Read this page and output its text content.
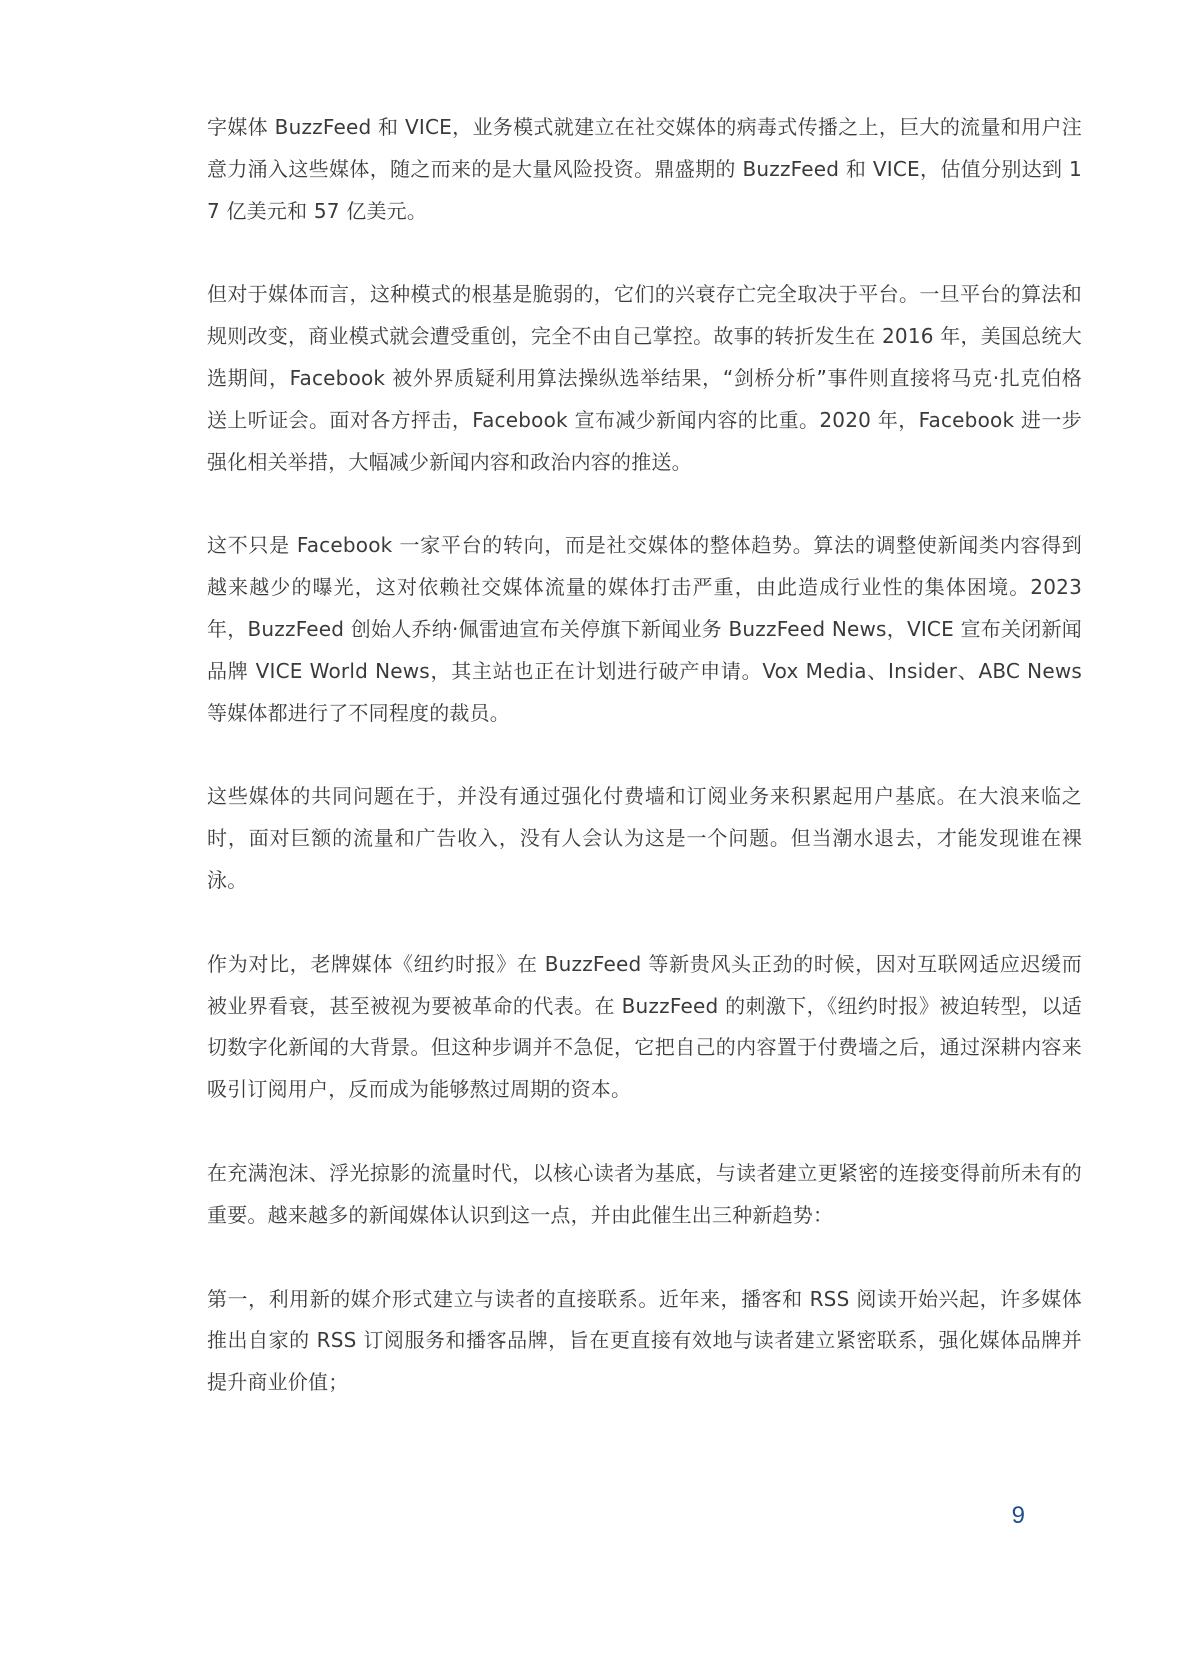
字媒体 BuzzFeed 和 VICE，业务模式就建立在社交媒体的病毒式传播之上，巨大的流量和用户注意力涌入这些媒体，随之而来的是大量风险投资。鼎盛期的 BuzzFeed 和 VICE，估值分别达到 17 亿美元和 57 亿美元。

但对于媒体而言，这种模式的根基是脆弱的，它们的兴衰存亡完全取决于平台。一旦平台的算法和规则改变，商业模式就会遭受重创，完全不由自己掌控。故事的转折发生在 2016 年，美国总统大选期间，Facebook 被外界质疑利用算法操纵选举结果，“剑桥分析”事件则直接将马克·扎克伯格送上听证会。面对各方抨击，Facebook 宣布减少新闻内容的比重。2020 年，Facebook 进一步强化相关举措，大幅减少新闻内容和政治内容的推送。

这不只是 Facebook 一家平台的转向，而是社交媒体的整体趋势。算法的调整使新闻类内容得到越来越少的曝光，这对依赖社交媒体流量的媒体打击严重，由此造成行业性的集体困境。2023 年，BuzzFeed 创始人乔纳·佩雷迪宣布关停旗下新闻业务 BuzzFeed News，VICE 宣布关闭新闻品牌 VICE World News，其主站也正在计划进行破产申请。Vox Media、Insider、ABC News 等媒体都进行了不同程度的裁员。

这些媒体的共同问题在于，并没有通过强化付费墙和订阅业务来积累起用户基底。在大浪来临之时，面对巨额的流量和广告收入，没有人会认为这是一个问题。但当潮水退去，才能发现谁在裸泳。

作为对比，老牌媒体《纽约时报》在 BuzzFeed 等新贵风头正劲的时候，因对互联网适应迟缓而被业界看衰，甚至被视为要被革命的代表。在 BuzzFeed 的刺激下，《纽约时报》被迫转型，以适切数字化新闻的大背景。但这种步调并不急促，它把自己的内容置于付费墙之后，通过深耕内容来吸引订阅用户，反而成为能够熬过周期的资本。

在充满泡沫、浮光掠影的流量时代，以核心读者为基底，与读者建立更紧密的连接变得前所未有的重要。越来越多的新闻媒体认识到这一点，并由此催生出三种新趋势：

第一，利用新的媒介形式建立与读者的直接联系。近年来，播客和 RSS 阅读开始兴起，许多媒体推出自家的 RSS 订阅服务和播客品牌，旨在更直接有效地与读者建立紧密联系，强化媒体品牌并提升商业价值；

9
